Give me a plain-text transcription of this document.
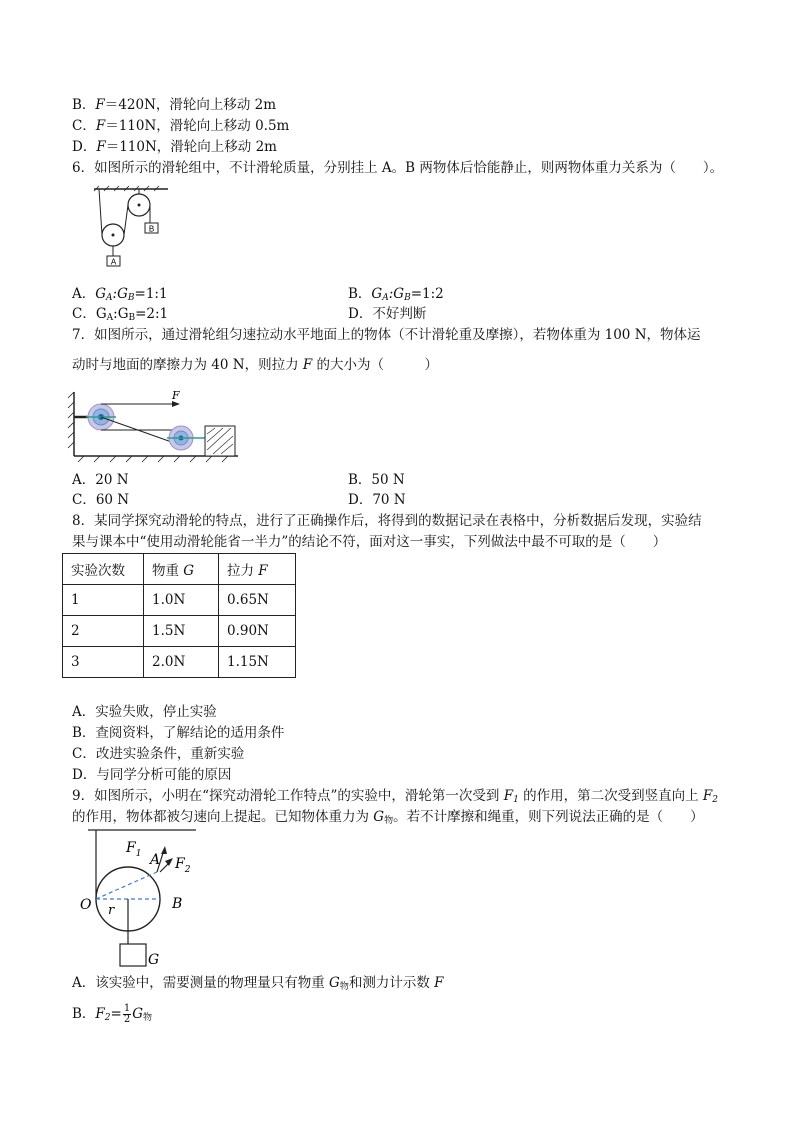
B．F＝420N，滑轮向上移动 2m
C．F＝110N，滑轮向上移动 0.5m
D．F＝110N，滑轮向上移动 2m
6．如图所示的滑轮组中，不计滑轮质量，分别挂上 A。B 两物体后恰能静止，则两物体重力关系为（　　）。
A
B
A．$G_A:G_B=1:1$	B．$G_A:G_B=1:2$
C．$G_A:G_B=2:1$	D．不好判断
7．如图所示，通过滑轮组匀速拉动水平地面上的物体（不计滑轮重及摩擦），若物体重为 100 N，物体运
动时与地面的摩擦力为 40 N，则拉力 F 的大小为（　　　）
F
A．20 N	B．50 N
C．60 N	D．70 N
8．某同学探究动滑轮的特点，进行了正确操作后，将得到的数据记录在表格中，分析数据后发现，实验结
果与课本中“使用动滑轮能省一半力”的结论不符，面对这一事实，下列做法中最不可取的是（　　）
实验次数	物重 G	拉力 F
1	1.0N	0.65N
2	1.5N	0.90N
3	2.0N	1.15N
A．实验失败，停止实验
B．查阅资料，了解结论的适用条件
C．改进实验条件，重新实验
D．与同学分析可能的原因
9．如图所示，小明在“探究动滑轮工作特点”的实验中，滑轮第一次受到 $F_1$ 的作用，第二次受到竖直向上 $F_2$
的作用，物体都被匀速向上提起。已知物体重力为 $G_物$。若不计摩擦和绳重，则下列说法正确的是（　　）
$F_1$ A $F_2$
O r	B
G
A．该实验中，需要测量的物理量只有物重 $G_物$和测力计示数 F
B．$F_2= \frac{1}{2} G_物$
